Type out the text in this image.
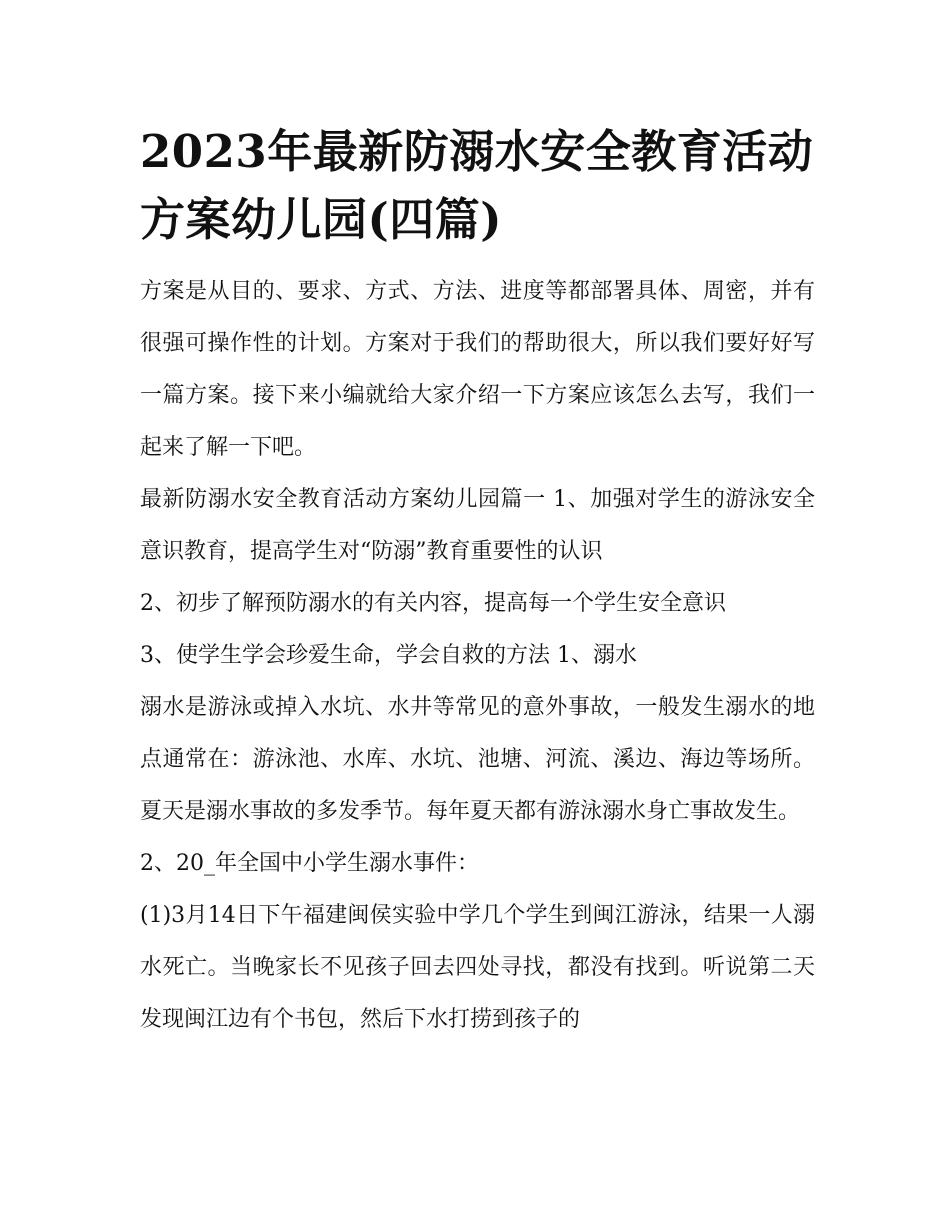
2023年最新防溺水安全教育活动方案幼儿园(四篇)

方案是从目的、要求、方式、方法、进度等都部署具体、周密，并有很强可操作性的计划。方案对于我们的帮助很大，所以我们要好好写一篇方案。接下来小编就给大家介绍一下方案应该怎么去写，我们一起来了解一下吧。

最新防溺水安全教育活动方案幼儿园篇一 1、加强对学生的游泳安全意识教育，提高学生对“防溺”教育重要性的认识

2、初步了解预防溺水的有关内容，提高每一个学生安全意识

3、使学生学会珍爱生命，学会自救的方法 1、溺水

溺水是游泳或掉入水坑、水井等常见的意外事故，一般发生溺水的地点通常在：游泳池、水库、水坑、池塘、河流、溪边、海边等场所。夏天是溺水事故的多发季节。每年夏天都有游泳溺水身亡事故发生。

2、20_年全国中小学生溺水事件：

(1)3月14日下午福建闽侯实验中学几个学生到闽江游泳，结果一人溺水死亡。当晚家长不见孩子回去四处寻找，都没有找到。听说第二天发现闽江边有个书包，然后下水打捞到孩子的
